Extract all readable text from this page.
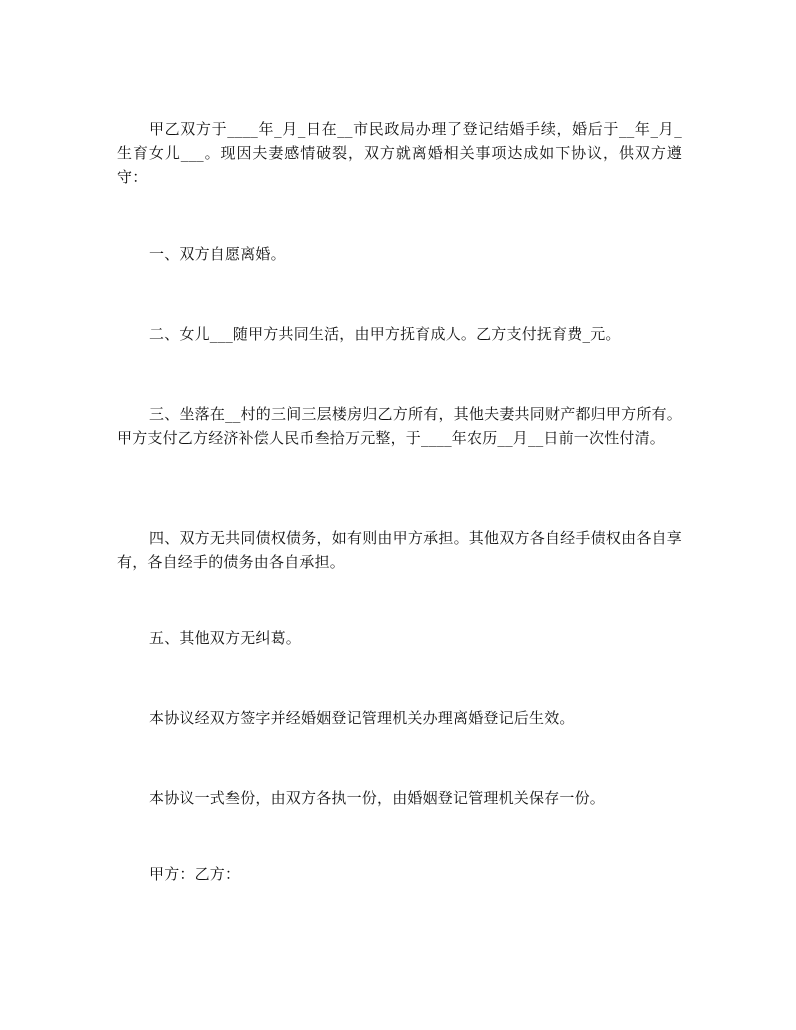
甲乙双方于____年_月_日在__市民政局办理了登记结婚手续，婚后于__年_月_生育女儿___。现因夫妻感情破裂，双方就离婚相关事项达成如下协议，供双方遵守：

一、双方自愿离婚。

二、女儿___随甲方共同生活，由甲方抚育成人。乙方支付抚育费_元。

三、坐落在__村的三间三层楼房归乙方所有，其他夫妻共同财产都归甲方所有。甲方支付乙方经济补偿人民币叁拾万元整，于____年农历__月__日前一次性付清。

四、双方无共同债权债务，如有则由甲方承担。其他双方各自经手债权由各自享有，各自经手的债务由各自承担。

五、其他双方无纠葛。

本协议经双方签字并经婚姻登记管理机关办理离婚登记后生效。

本协议一式叁份，由双方各执一份，由婚姻登记管理机关保存一份。

甲方：乙方：
